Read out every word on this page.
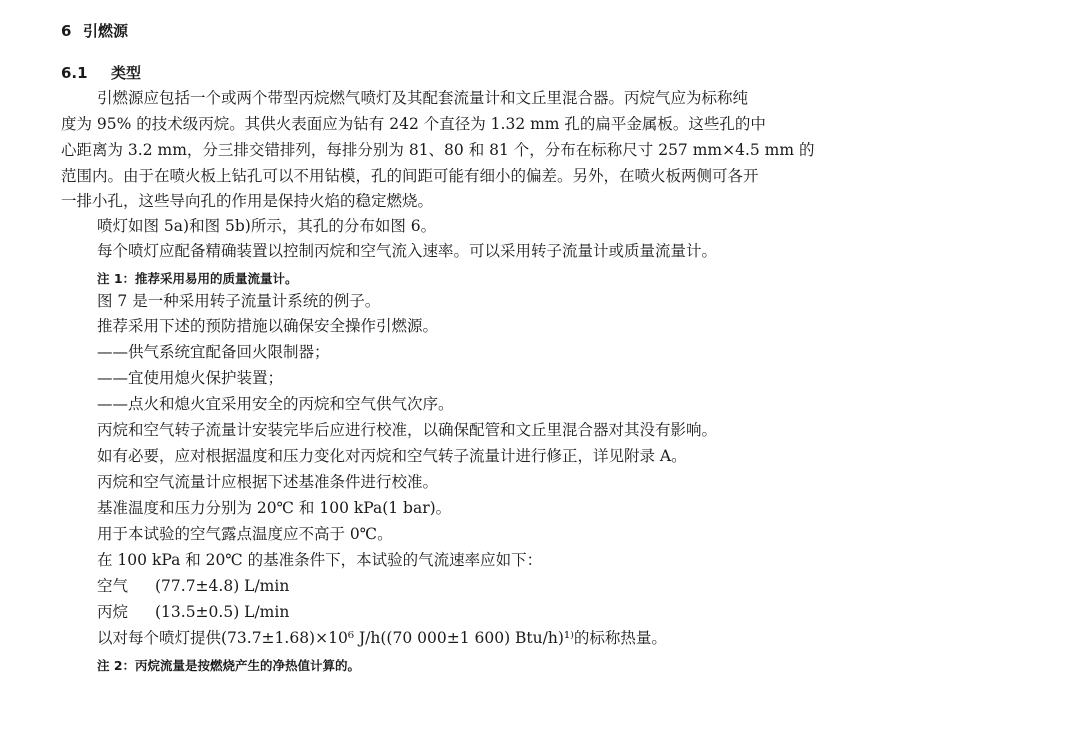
6 引燃源
6.1 类型
引燃源应包括一个或两个带型丙烷燃气喷灯及其配套流量计和文丘里混合器。丙烷气应为标称纯
度为 95% 的技术级丙烷。其供火表面应为钻有 242 个直径为 1.32 mm 孔的扁平金属板。这些孔的中
心距离为 3.2 mm，分三排交错排列，每排分别为 81、80 和 81 个，分布在标称尺寸 257 mm×4.5 mm 的
范围内。由于在喷火板上钻孔可以不用钻模，孔的间距可能有细小的偏差。另外，在喷火板两侧可各开
一排小孔，这些导向孔的作用是保持火焰的稳定燃烧。
喷灯如图 5a)和图 5b)所示，其孔的分布如图 6。
每个喷灯应配备精确装置以控制丙烷和空气流入速率。可以采用转子流量计或质量流量计。
注 1：推荐采用易用的质量流量计。
图 7 是一种采用转子流量计系统的例子。
推荐采用下述的预防措施以确保安全操作引燃源。
——供气系统宜配备回火限制器；
——宜使用熄火保护装置；
——点火和熄火宜采用安全的丙烷和空气供气次序。
丙烷和空气转子流量计安装完毕后应进行校准，以确保配管和文丘里混合器对其没有影响。
如有必要，应对根据温度和压力变化对丙烷和空气转子流量计进行修正，详见附录 A。
丙烷和空气流量计应根据下述基准条件进行校准。
基准温度和压力分别为 20℃ 和 100 kPa(1 bar)。
用于本试验的空气露点温度应不高于 0℃。
在 100 kPa 和 20℃ 的基准条件下，本试验的气流速率应如下：
空气 (77.7±4.8) L/min
丙烷 (13.5±0.5) L/min
以对每个喷灯提供(73.7±1.68)×10⁶ J/h((70 000±1 600) Btu/h)¹⁾的标称热量。
注 2：丙烷流量是按燃烧产生的净热值计算的。
